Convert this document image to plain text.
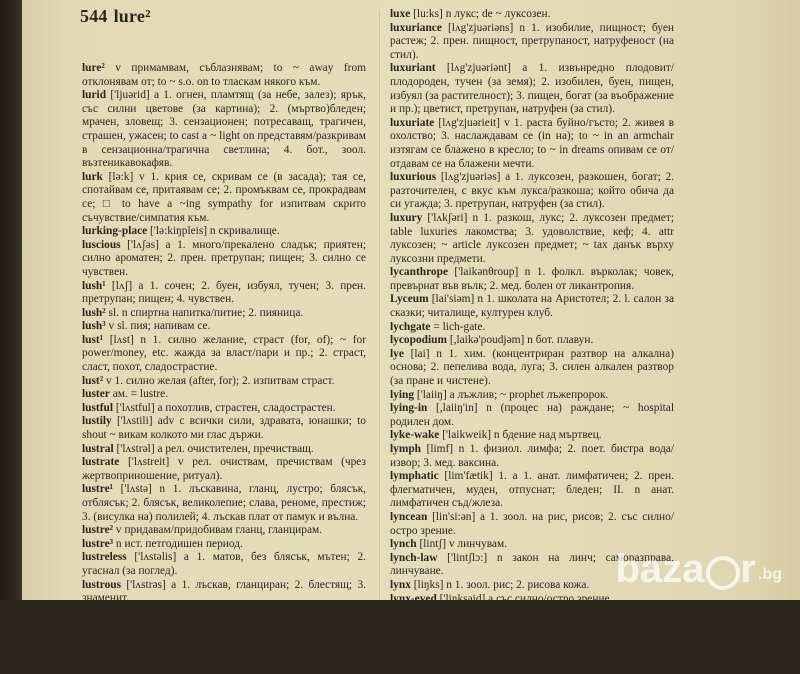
544 lure²

lure² v примамвам, съблазнявам; to ~ away from отклонявам от; to ~ s.o. on to тласкам някого към.

lurid ['ljuərid] a 1. огнен, пламтящ (за небе, залез); ярък, със силни цветове (за картина); 2. (мъртво)бледен; мрачен, зловещ; 3. сензационен; потресаващ, трагичен, страшен, ужасен; to cast a ~ light on представям/разкривам в сензационна/трагична светлина; 4. бот., зоол. възтеникавокафяв.

lurk [lə:k] v 1. крия се, скривам се (в засада); тая се, спотайвам се, притаявам се; 2. промъквам се, прокрадвам се; □ to have a ~ing sympathy for изпитвам скрито съчувствие/симпатия към.

lurking-place ['lə:kiŋpleis] n скривалище.

luscious ['lʌʃəs] a 1. много/прекалено сладък; приятен; силно ароматен; 2. прен. претрупан; пищен; 3. силно се чувствен.

lush¹ [lʌʃ] a 1. сочен; 2. буен, избуял, тучен; 3. прен. претрупан; пищен; 4. чувствен.

lush² sl. n спиртна напитка/питие; 2. пияница.

lush³ v sl. пия; напивам се.

lust¹ [lʌst] n 1. силно желание, страст (for, of); ~ for power/money, etc. жажда за власт/пари и пр.; 2. страст, сласт, похот, сладострастие.

lust² v 1. силно желая (after, for); 2. изпитвам страст.

luster ам. = lustre.

lustful ['lʌstful] a похотлив, страстен, сладострастен.

lustily ['lʌstili] adv с всички сили, здравата, юнашки; to shout ~ викам колкото ми глас държи.

lustral ['lʌstrəl] a рел. очистителен, пречистващ.

lustrate ['lʌstreit] v рел. очиствам, пречиствам (чрез жертвоприношение, ритуал).

lustre¹ ['lʌstə] n 1. лъскавина, гланц, лустро; блясък, отблясък; 2. блясък, великолепие; слава, реноме, престиж; 3. (висулка на) полилей; 4. лъскав плат от памук и вълна.

lustre² v придавам/придобивам гланц, гланцирам.

lustre³ n ист. петгодишен период.

lustreless ['lʌstəlis] a 1. матов, без блясък, мътен; 2. угаснал (за поглед).

lustrous ['lʌstrəs] a 1. лъскав, гланциран; 2. блестящ; 3. знаменит.

lusty ['lʌsti] a 1. як, силен, здрав, жизнен, жив; ~ fellow здравеняк, як мъж; 2. сърдечен, радостен; 3. буен, силен, обилен (за ядене и пр.).

lusus (naturae) ['lu:səs (nə'tuəri:)] n лат. игра на природата, изрод.

luxe [lu:ks] n лукс; de ~ луксозен.

luxuriance [lʌg'zjuəriəns] n 1. изобилие, пищност; буен растеж; 2. прен. пищност, претрупаност, натруфеност (на стил).

luxuriant [lʌg'zjuəriənt] a 1. извънредно плодовит/плодороден, тучен (за земя); 2. изобилен, буен, пищен, избуял (за растителност); 3. пищен, богат (за въображение и пр.); цветист, претрупан, натруфен (за стил).

luxuriate [lʌg'zjuərieit] v 1. раста буйно/гъсто; 2. живея в охолство; 3. наслаждавам се (in на); to ~ in an armchair изтягам се блажено в кресло; to ~ in dreams опивам се от/отдавам се на блажени мечти.

luxurious [lʌg'zjuəriəs] a 1. луксозен, разкошен, богат; 2. разточителен, с вкус към лукса/разкоша; който обича да си угажда; 3. претрупан, натруфен (за стил).

luxury ['lʌkʃəri] n 1. разкош, лукс; 2. луксозен предмет; table luxuries лакомства; 3. удоволствие, кеф; 4. attr луксозен; ~ article луксозен предмет; ~ tax данък върху луксозни предмети.

lycanthrope ['laikənθroup] n 1. фолкл. върколак; човек, превърнат във вълк; 2. мед. болен от ликантропия.

Lyceum [lai'siəm] n 1. школата на Аристотел; 2. l. салон за сказки; читалище, културен клуб.

lychgate = lich-gate.

lycopodium [,laikə'poudjəm] n бот. плавун.

lye [lai] n 1. хим. (концентриран разтвор на алкална) основа; 2. пепелива вода, луга; 3. силен алкален разтвор (за пране и чистене).

lying ['laiiŋ] a лъжлив; ~ prophet лъжепророк.

lying-in [,laiiŋ'in] n (процес на) раждане; ~ hospital родилен дом.

lyke-wake ['laikweik] n бдение над мъртвец.

lymph [limf] n 1. физиол. лимфа; 2. поет. бистра вода/извор; 3. мед. ваксина.

lymphatic [lim'fætik] 1. a 1. анат. лимфатичен; 2. прен. флегматичен, муден, отпуснат; бледен; II. n анат. лимфатичен съд/жлеза.

lyncean [lin'si:ən] a 1. зоол. на рис, рисов; 2. със силно/остро зрение.

lynch [lintʃ] v линчувам.

lynch-law ['lintʃlɔ:] n закон на линч; саморазправа, линчуване.

lynx [liŋks] n 1. зоол. рис; 2. рисова кожа.

lynx-eyed ['liŋksaid] a със силно/остро зрение.

Lyra ['laiərə] n астр. Лира.

lyrate(d) ['laiəreit(id)] a 1. зоол., бот. с форма на лира.

lyre ['laiə] n муз. лира.

lyric ['lirik] 1. a 1. лиричен, лирически; 2. муз. лирични

baza r .bg
